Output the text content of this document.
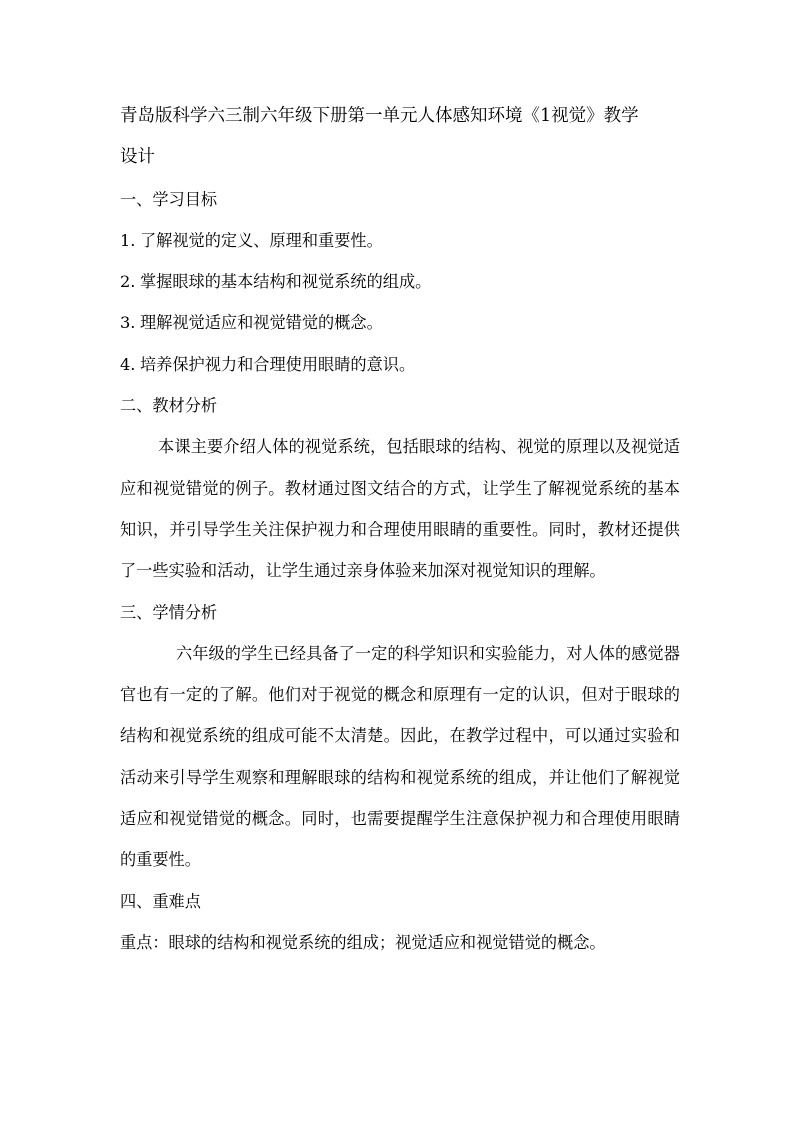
青岛版科学六三制六年级下册第一单元人体感知环境《1视觉》教学
设计
一、学习目标
1. 了解视觉的定义、原理和重要性。
2. 掌握眼球的基本结构和视觉系统的组成。
3. 理解视觉适应和视觉错觉的概念。
4. 培养保护视力和合理使用眼睛的意识。
二、教材分析
本课主要介绍人体的视觉系统，包括眼球的结构、视觉的原理以及视觉适应和视觉错觉的例子。教材通过图文结合的方式，让学生了解视觉系统的基本知识，并引导学生关注保护视力和合理使用眼睛的重要性。同时，教材还提供了一些实验和活动，让学生通过亲身体验来加深对视觉知识的理解。
三、学情分析
六年级的学生已经具备了一定的科学知识和实验能力，对人体的感觉器官也有一定的了解。他们对于视觉的概念和原理有一定的认识，但对于眼球的结构和视觉系统的组成可能不太清楚。因此，在教学过程中，可以通过实验和活动来引导学生观察和理解眼球的结构和视觉系统的组成，并让他们了解视觉适应和视觉错觉的概念。同时，也需要提醒学生注意保护视力和合理使用眼睛的重要性。
四、重难点
重点：眼球的结构和视觉系统的组成；视觉适应和视觉错觉的概念。
